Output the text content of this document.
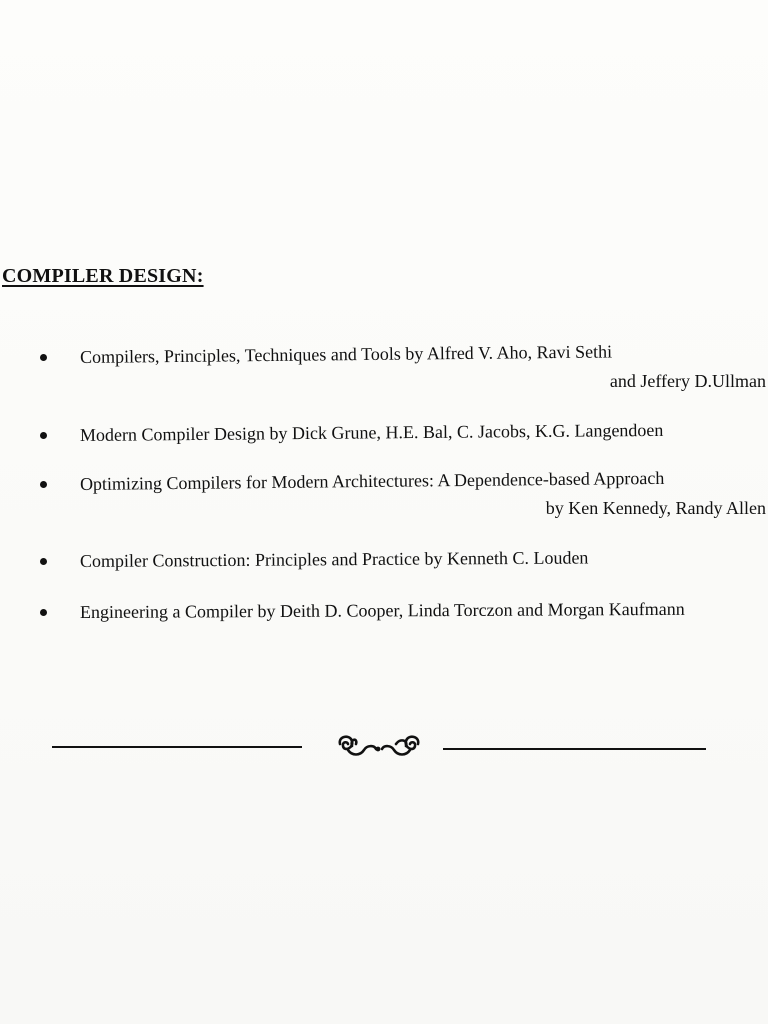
COMPILER DESIGN:
Compilers, Principles, Techniques and Tools by Alfred V. Aho, Ravi Sethi
and Jeffery D.Ullman
Modern Compiler Design by Dick Grune, H.E. Bal, C. Jacobs, K.G. Langendoen
Optimizing Compilers for Modern Architectures: A Dependence-based Approach
by Ken Kennedy, Randy Allen
Compiler Construction: Principles and Practice by Kenneth C. Louden
Engineering a Compiler by Deith D. Cooper, Linda Torczon and Morgan Kaufmann
